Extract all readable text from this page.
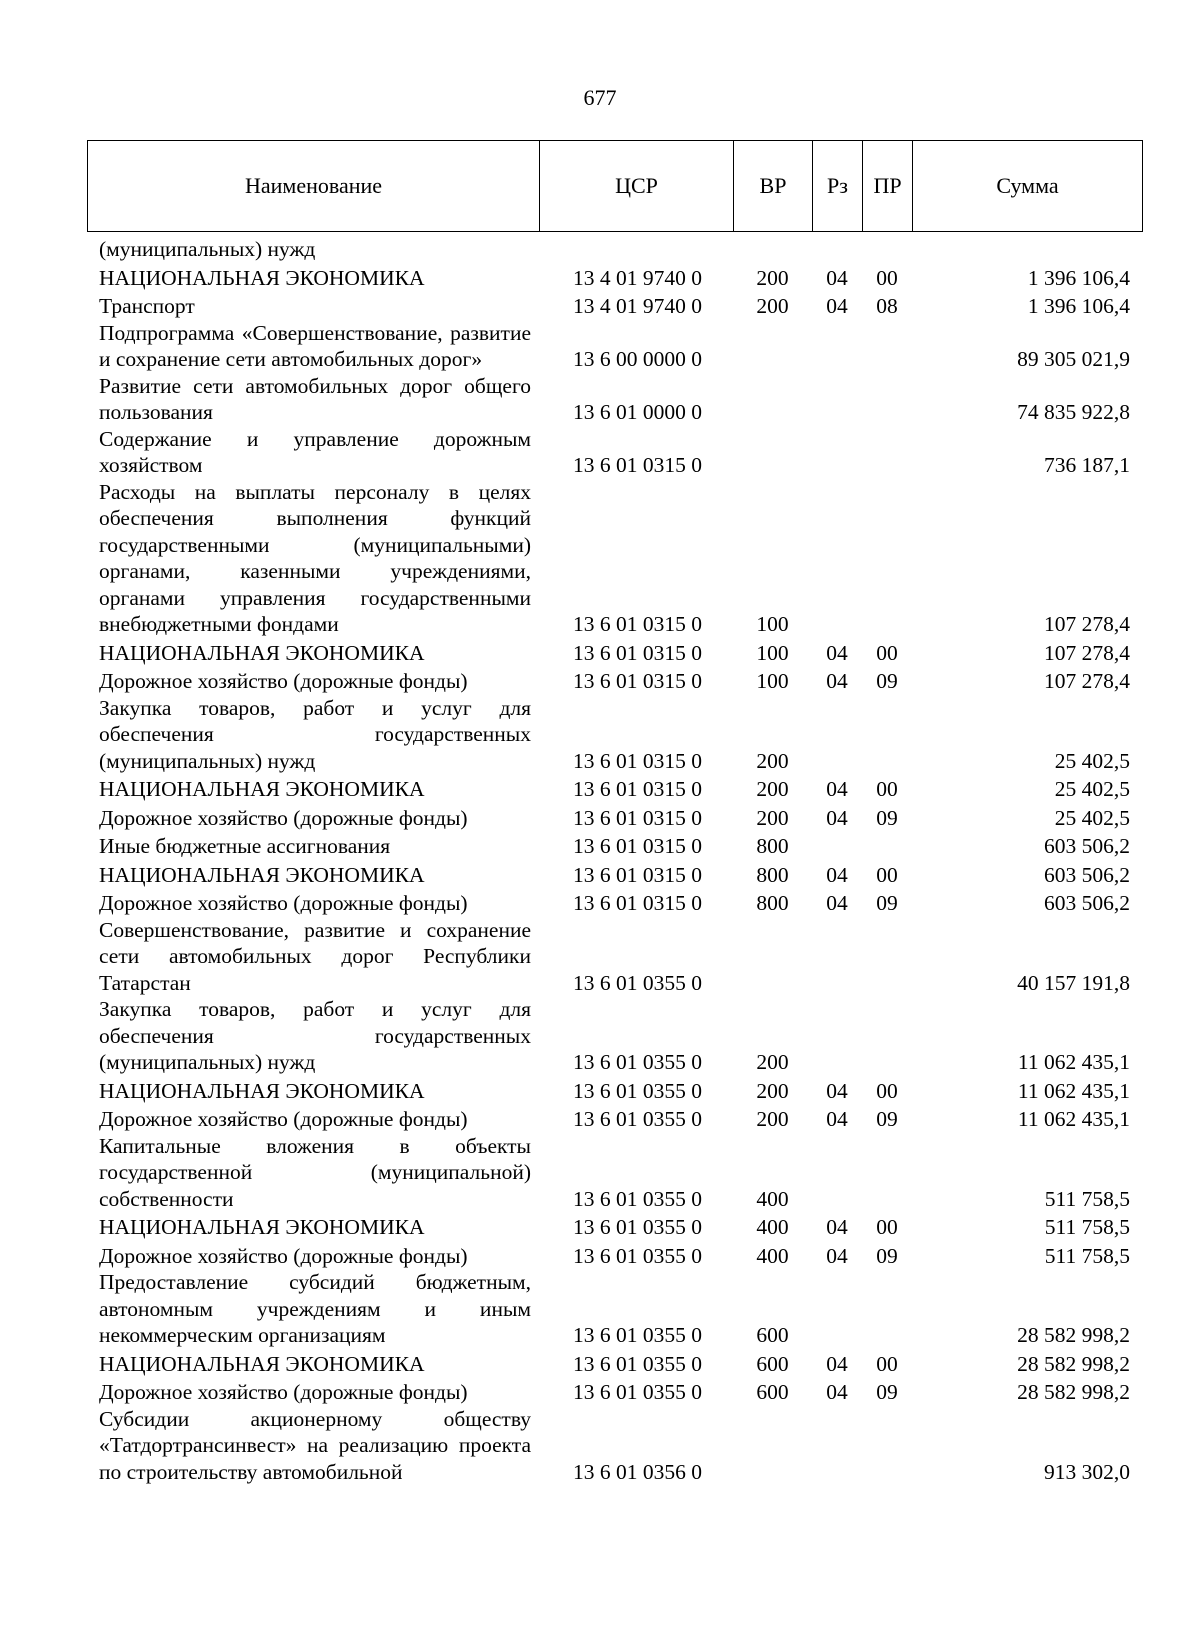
677
Наименование	ЦСР	ВР	Рз	ПР	Сумма
(муниципальных) нужд					
НАЦИОНАЛЬНАЯ ЭКОНОМИКА	13 4 01 9740 0	200	04	00	1 396 106,4
Транспорт	13 4 01 9740 0	200	04	08	1 396 106,4
Подпрограмма «Совершенствование, развитие и сохранение сети автомобильных дорог»	13 6 00 0000 0				89 305 021,9
Развитие сети автомобильных дорог общего пользования	13 6 01 0000 0				74 835 922,8
Содержание и управление дорожным хозяйством	13 6 01 0315 0				736 187,1
Расходы на выплаты персоналу в целях обеспечения выполнения функций государственными (муниципальными) органами, казенными учреждениями, органами управления государственными внебюджетными фондами	13 6 01 0315 0	100			107 278,4
НАЦИОНАЛЬНАЯ ЭКОНОМИКА	13 6 01 0315 0	100	04	00	107 278,4
Дорожное хозяйство (дорожные фонды)	13 6 01 0315 0	100	04	09	107 278,4
Закупка товаров, работ и услуг для обеспечения государственных (муниципальных) нужд	13 6 01 0315 0	200			25 402,5
НАЦИОНАЛЬНАЯ ЭКОНОМИКА	13 6 01 0315 0	200	04	00	25 402,5
Дорожное хозяйство (дорожные фонды)	13 6 01 0315 0	200	04	09	25 402,5
Иные бюджетные ассигнования	13 6 01 0315 0	800			603 506,2
НАЦИОНАЛЬНАЯ ЭКОНОМИКА	13 6 01 0315 0	800	04	00	603 506,2
Дорожное хозяйство (дорожные фонды)	13 6 01 0315 0	800	04	09	603 506,2
Совершенствование, развитие и сохранение сети автомобильных дорог Республики Татарстан	13 6 01 0355 0				40 157 191,8
Закупка товаров, работ и услуг для обеспечения государственных (муниципальных) нужд	13 6 01 0355 0	200			11 062 435,1
НАЦИОНАЛЬНАЯ ЭКОНОМИКА	13 6 01 0355 0	200	04	00	11 062 435,1
Дорожное хозяйство (дорожные фонды)	13 6 01 0355 0	200	04	09	11 062 435,1
Капитальные вложения в объекты государственной (муниципальной) собственности	13 6 01 0355 0	400			511 758,5
НАЦИОНАЛЬНАЯ ЭКОНОМИКА	13 6 01 0355 0	400	04	00	511 758,5
Дорожное хозяйство (дорожные фонды)	13 6 01 0355 0	400	04	09	511 758,5
Предоставление субсидий бюджетным, автономным учреждениям и иным некоммерческим организациям	13 6 01 0355 0	600			28 582 998,2
НАЦИОНАЛЬНАЯ ЭКОНОМИКА	13 6 01 0355 0	600	04	00	28 582 998,2
Дорожное хозяйство (дорожные фонды)	13 6 01 0355 0	600	04	09	28 582 998,2
Субсидии акционерному обществу «Татдортрансинвест» на реализацию проекта по строительству автомобильной	13 6 01 0356 0				913 302,0
